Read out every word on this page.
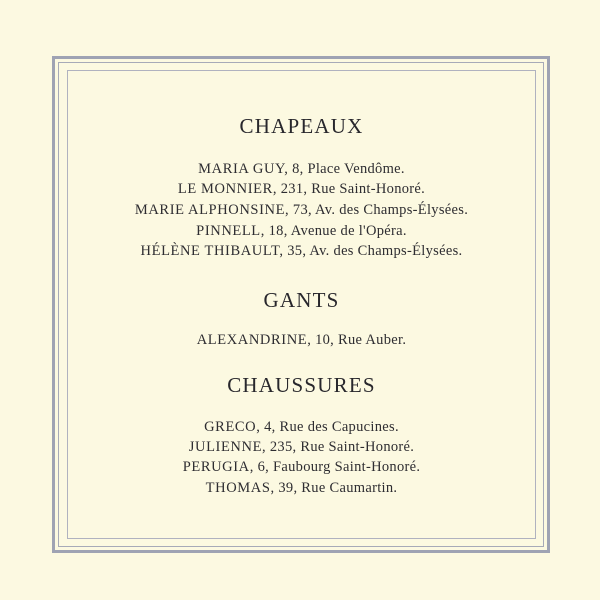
CHAPEAUX
MARIA GUY, 8, Place Vendôme.
LE MONNIER, 231, Rue Saint-Honoré.
MARIE ALPHONSINE, 73, Av. des Champs-Élysées.
PINNELL, 18, Avenue de l'Opéra.
HÉLÈNE THIBAULT, 35, Av. des Champs-Élysées.
GANTS
ALEXANDRINE, 10, Rue Auber.
CHAUSSURES
GRECO, 4, Rue des Capucines.
JULIENNE, 235, Rue Saint-Honoré.
PERUGIA, 6, Faubourg Saint-Honoré.
THOMAS, 39, Rue Caumartin.
